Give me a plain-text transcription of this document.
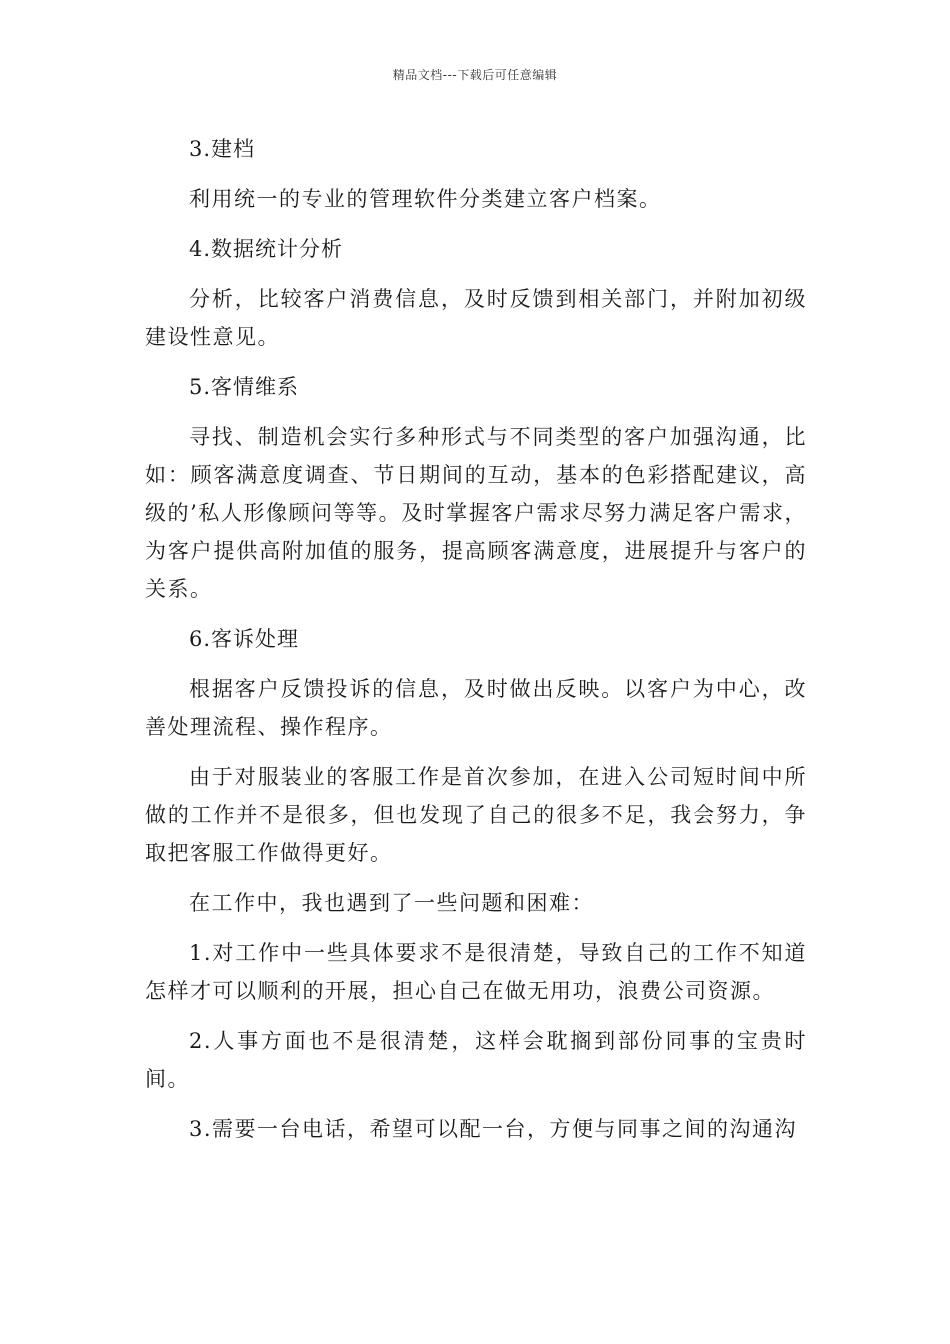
精品文档---下载后可任意编辑

3.建档

利用统一的专业的管理软件分类建立客户档案。

4.数据统计分析

分析，比较客户消费信息，及时反馈到相关部门，并附加初级建设性意见。

5.客情维系

寻找、制造机会实行多种形式与不同类型的客户加强沟通，比如：顾客满意度调查、节日期间的互动，基本的色彩搭配建议，高级的’私人形像顾问等等。及时掌握客户需求尽努力满足客户需求，为客户提供高附加值的服务，提高顾客满意度，进展提升与客户的关系。

6.客诉处理

根据客户反馈投诉的信息，及时做出反映。以客户为中心，改善处理流程、操作程序。

由于对服装业的客服工作是首次参加，在进入公司短时间中所做的工作并不是很多，但也发现了自己的很多不足，我会努力，争取把客服工作做得更好。

在工作中，我也遇到了一些问题和困难：

1.对工作中一些具体要求不是很清楚，导致自己的工作不知道怎样才可以顺利的开展，担心自己在做无用功，浪费公司资源。

2.人事方面也不是很清楚，这样会耽搁到部份同事的宝贵时间。

3.需要一台电话，希望可以配一台，方便与同事之间的沟通沟
